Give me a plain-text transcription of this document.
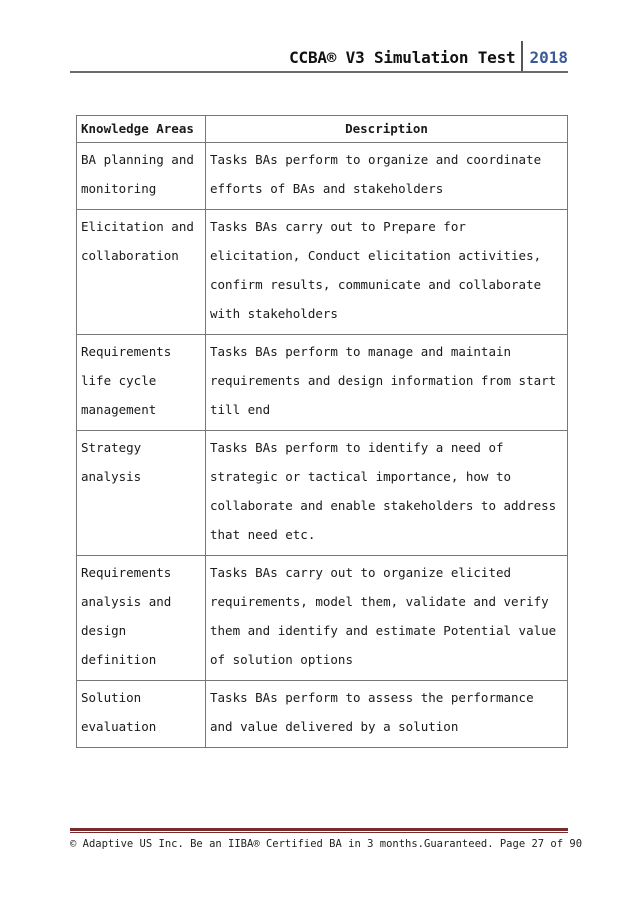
CCBA® V3 Simulation Test 2018
Knowledge Areas	Description
BA planning and monitoring	Tasks BAs perform to organize and coordinate efforts of BAs and stakeholders
Elicitation and collaboration	Tasks BAs carry out to Prepare for elicitation, Conduct elicitation activities, confirm results, communicate and collaborate with stakeholders
Requirements life cycle management	Tasks BAs perform to manage and maintain requirements and design information from start till end
Strategy analysis	Tasks BAs perform to identify a need of strategic or tactical importance, how to collaborate and enable stakeholders to address that need etc.
Requirements analysis and design definition	Tasks BAs carry out to organize elicited requirements, model them, validate and verify them and identify and estimate Potential value of solution options
Solution evaluation	Tasks BAs perform to assess the performance and value delivered by a solution
© Adaptive US Inc. Be an IIBA® Certified BA in 3 months.Guaranteed. Page 27 of 90
